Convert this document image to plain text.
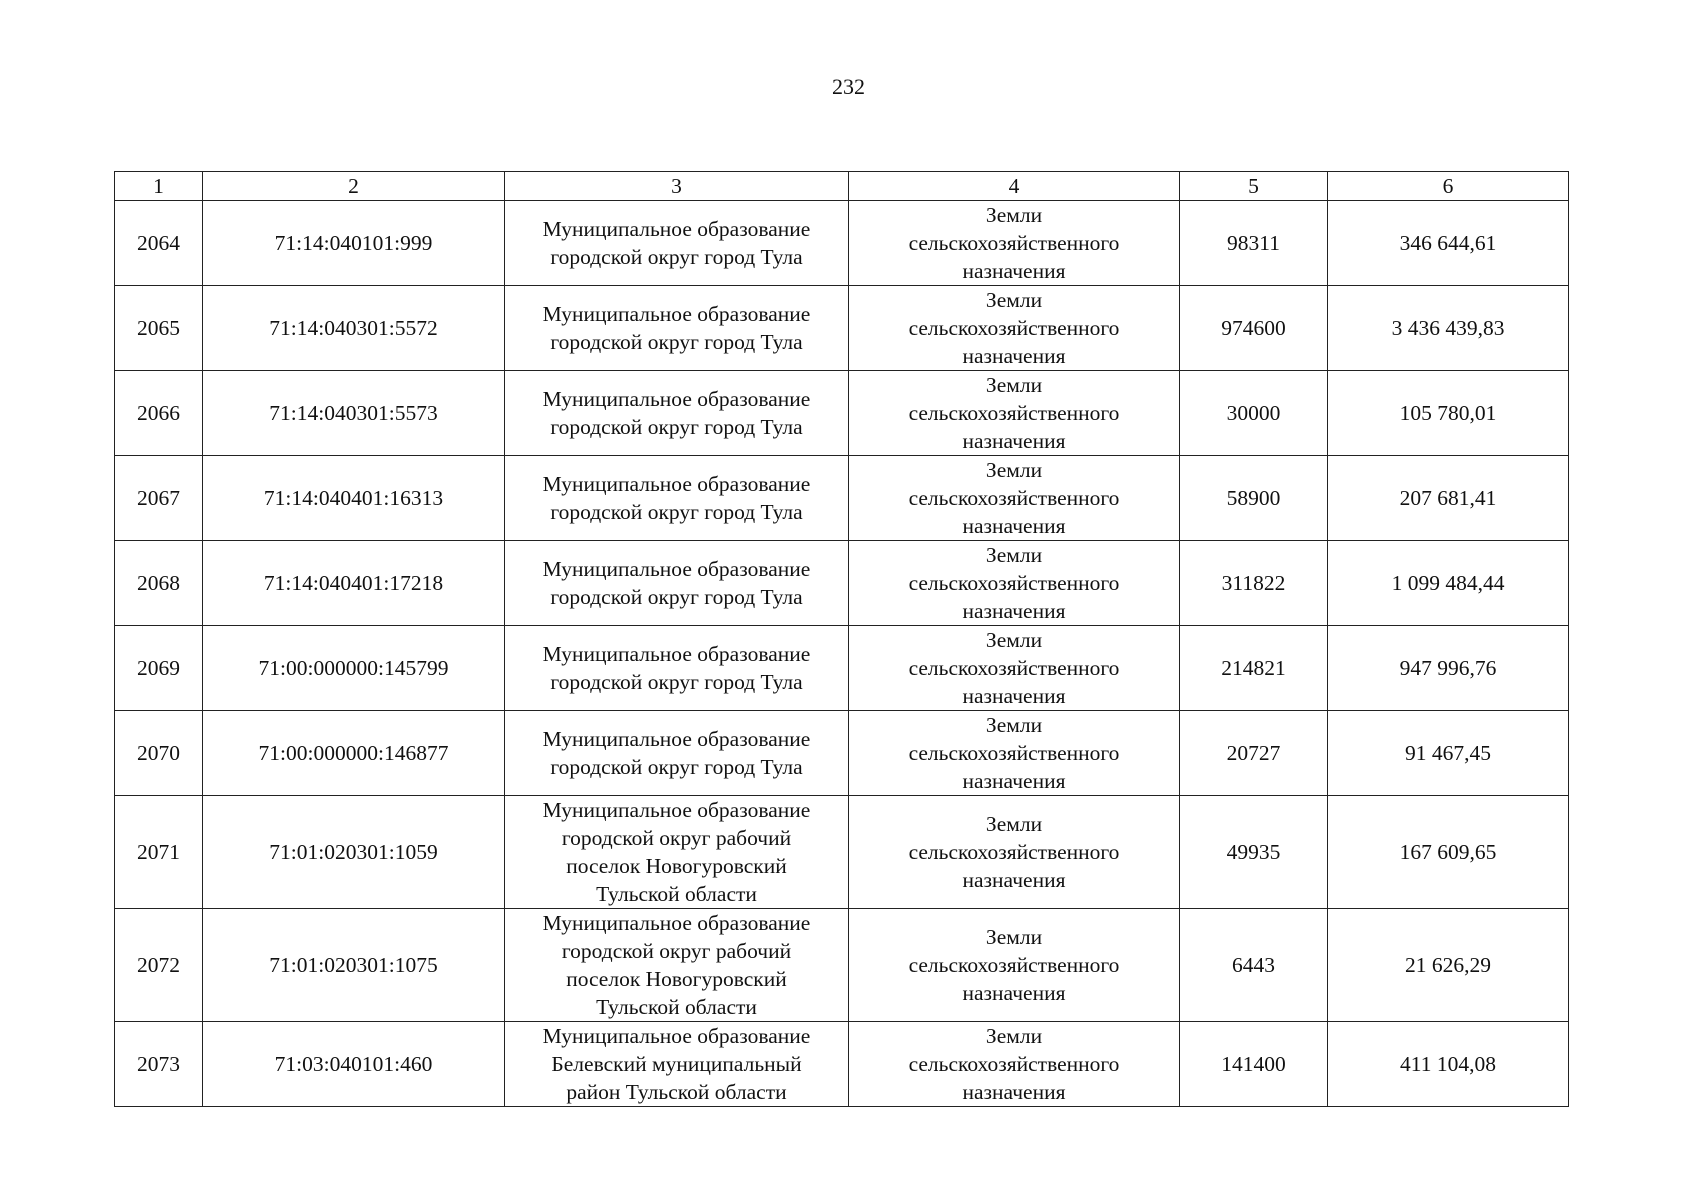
232
1	2	3	4	5	6
2064	71:14:040101:999	Муниципальное образование
городской округ город Тула	Земли
сельскохозяйственного
назначения	98311	346 644,61
2065	71:14:040301:5572	Муниципальное образование
городской округ город Тула	Земли
сельскохозяйственного
назначения	974600	3 436 439,83
2066	71:14:040301:5573	Муниципальное образование
городской округ город Тула	Земли
сельскохозяйственного
назначения	30000	105 780,01
2067	71:14:040401:16313	Муниципальное образование
городской округ город Тула	Земли
сельскохозяйственного
назначения	58900	207 681,41
2068	71:14:040401:17218	Муниципальное образование
городской округ город Тула	Земли
сельскохозяйственного
назначения	311822	1 099 484,44
2069	71:00:000000:145799	Муниципальное образование
городской округ город Тула	Земли
сельскохозяйственного
назначения	214821	947 996,76
2070	71:00:000000:146877	Муниципальное образование
городской округ город Тула	Земли
сельскохозяйственного
назначения	20727	91 467,45
2071	71:01:020301:1059	Муниципальное образование
городской округ рабочий
поселок Новогуровский
Тульской области	Земли
сельскохозяйственного
назначения	49935	167 609,65
2072	71:01:020301:1075	Муниципальное образование
городской округ рабочий
поселок Новогуровский
Тульской области	Земли
сельскохозяйственного
назначения	6443	21 626,29
2073	71:03:040101:460	Муниципальное образование
Белевский муниципальный
район Тульской области	Земли
сельскохозяйственного
назначения	141400	411 104,08
